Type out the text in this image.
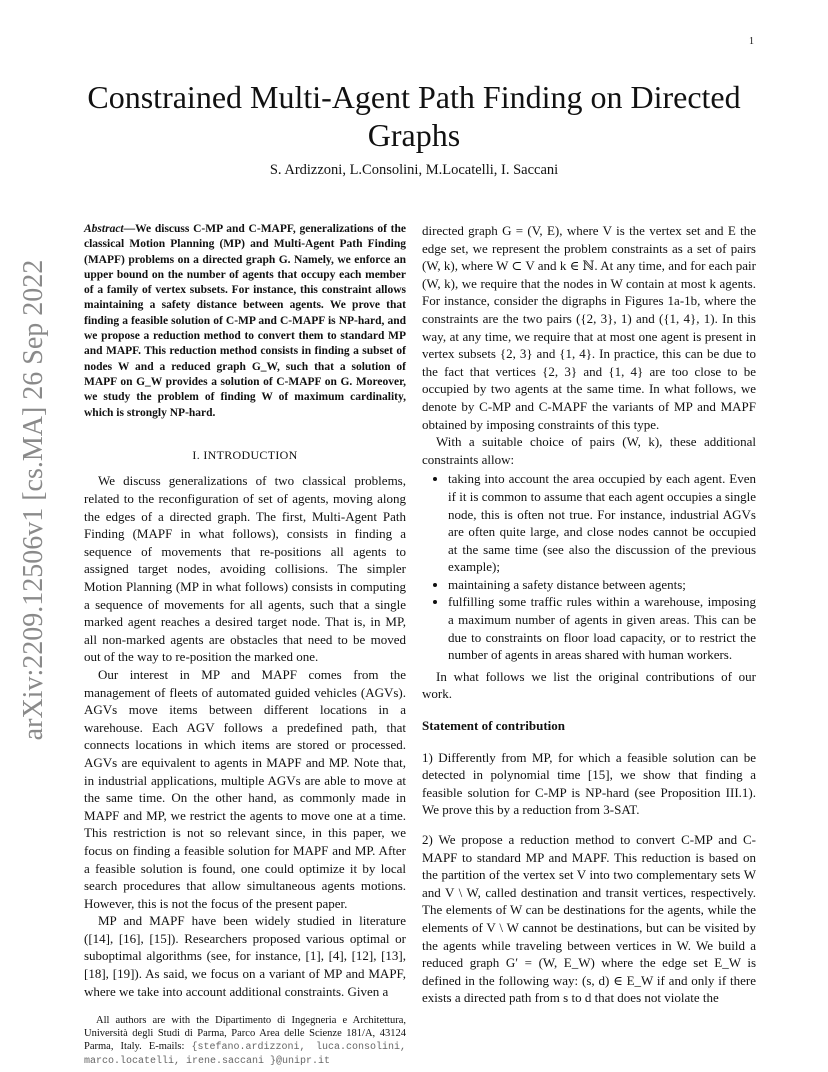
1
arXiv:2209.12506v1 [cs.MA] 26 Sep 2022
Constrained Multi-Agent Path Finding on Directed Graphs
S. Ardizzoni, L.Consolini, M.Locatelli, I. Saccani
Abstract—We discuss C-MP and C-MAPF, generalizations of the classical Motion Planning (MP) and Multi-Agent Path Finding (MAPF) problems on a directed graph G. Namely, we enforce an upper bound on the number of agents that occupy each member of a family of vertex subsets. For instance, this constraint allows maintaining a safety distance between agents. We prove that finding a feasible solution of C-MP and C-MAPF is NP-hard, and we propose a reduction method to convert them to standard MP and MAPF. This reduction method consists in finding a subset of nodes W and a reduced graph G_W, such that a solution of MAPF on G_W provides a solution of C-MAPF on G. Moreover, we study the problem of finding W of maximum cardinality, which is strongly NP-hard.
I. INTRODUCTION

We discuss generalizations of two classical problems, related to the reconfiguration of set of agents, moving along the edges of a directed graph. The first, Multi-Agent Path Finding (MAPF in what follows), consists in finding a sequence of movements that re-positions all agents to assigned target nodes, avoiding collisions. The simpler Motion Planning (MP in what follows) consists in computing a sequence of movements for all agents, such that a single marked agent reaches a desired target node. That is, in MP, all non-marked agents are obstacles that need to be moved out of the way to re-position the marked one.

Our interest in MP and MAPF comes from the management of fleets of automated guided vehicles (AGVs). AGVs move items between different locations in a warehouse. Each AGV follows a predefined path, that connects locations in which items are stored or processed. AGVs are equivalent to agents in MAPF and MP. Note that, in industrial applications, multiple AGVs are able to move at the same time. On the other hand, as commonly made in MAPF and MP, we restrict the agents to move one at a time. This restriction is not so relevant since, in this paper, we focus on finding a feasible solution for MAPF and MP. After a feasible solution is found, one could optimize it by local search procedures that allow simultaneous agents motions. However, this is not the focus of the present paper.

MP and MAPF have been widely studied in literature ([14], [16], [15]). Researchers proposed various optimal or suboptimal algorithms (see, for instance, [1], [4], [12], [13], [18], [19]). As said, we focus on a variant of MP and MAPF, where we take into account additional constraints. Given a

All authors are with the Dipartimento di Ingegneria e Architettura, Università degli Studi di Parma, Parco Area delle Scienze 181/A, 43124 Parma, Italy. E-mails: {stefano.ardizzoni, luca.consolini, marco.locatelli, irene.saccani }@unipr.it

directed graph G = (V, E), where V is the vertex set and E the edge set, we represent the problem constraints as a set of pairs (W, k), where W ⊂ V and k ∈ ℕ. At any time, and for each pair (W, k), we require that the nodes in W contain at most k agents. For instance, consider the digraphs in Figures 1a-1b, where the constraints are the two pairs ({2, 3}, 1) and ({1, 4}, 1). In this way, at any time, we require that at most one agent is present in vertex subsets {2, 3} and {1, 4}. In practice, this can be due to the fact that vertices {2, 3} and {1, 4} are too close to be occupied by two agents at the same time. In what follows, we denote by C-MP and C-MAPF the variants of MP and MAPF obtained by imposing constraints of this type.

With a suitable choice of pairs (W, k), these additional constraints allow:

• taking into account the area occupied by each agent. Even if it is common to assume that each agent occupies a single node, this is often not true. For instance, industrial AGVs are often quite large, and close nodes cannot be occupied at the same time (see also the discussion of the previous example);
• maintaining a safety distance between agents;
• fulfilling some traffic rules within a warehouse, imposing a maximum number of agents in given areas. This can be due to constraints on floor load capacity, or to restrict the number of agents in areas shared with human workers.

In what follows we list the original contributions of our work.

Statement of contribution

1) Differently from MP, for which a feasible solution can be detected in polynomial time [15], we show that finding a feasible solution for C-MP is NP-hard (see Proposition III.1). We prove this by a reduction from 3-SAT.

2) We propose a reduction method to convert C-MP and C-MAPF to standard MP and MAPF. This reduction is based on the partition of the vertex set V into two complementary sets W and V \ W, called destination and transit vertices, respectively. The elements of W can be destinations for the agents, while the elements of V \ W cannot be destinations, but can be visited by the agents while traveling between vertices in W. We build a reduced graph G′ = (W, E_W) where the edge set E_W is defined in the following way: (s, d) ∈ E_W if and only if there exists a directed path from s to d that does not violate the
